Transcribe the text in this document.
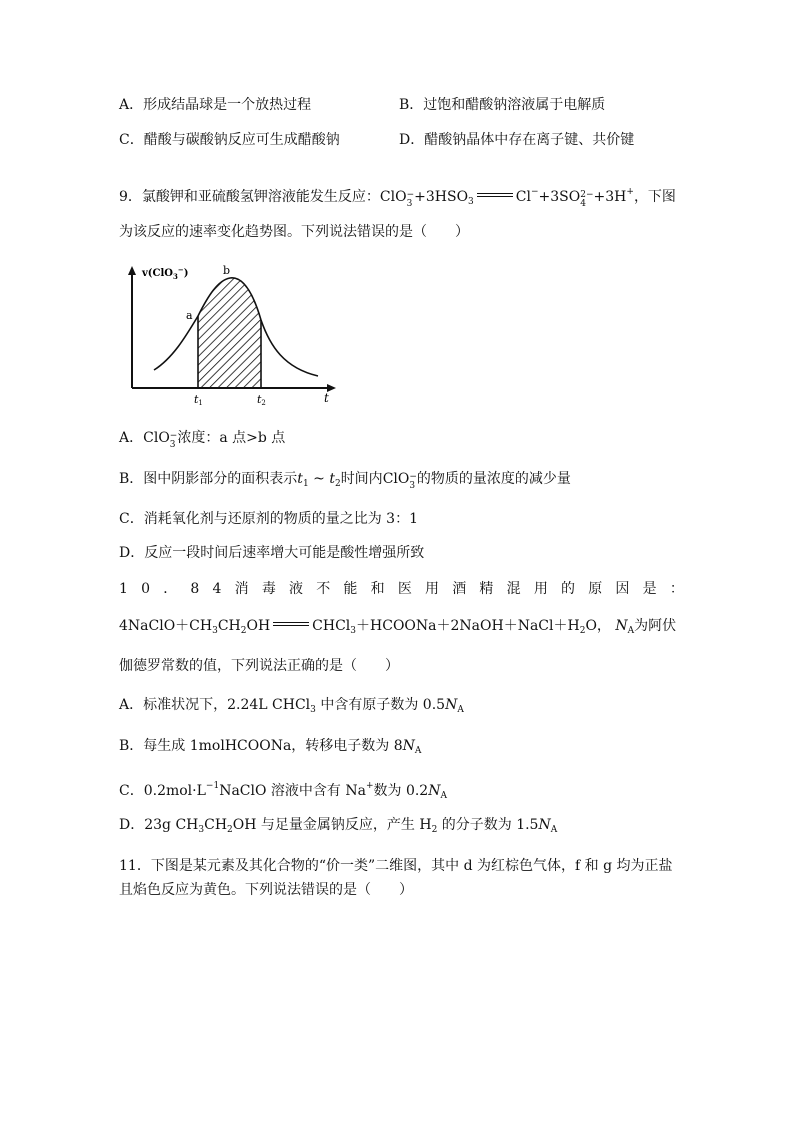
A．形成结晶球是一个放热过程	B．过饱和醋酸钠溶液属于电解质
C．醋酸与碳酸钠反应可生成醋酸钠	D．醋酸钠晶体中存在离子键、共价键
9．氯酸钾和亚硫酸氢钾溶液能发生反应：ClO −
$3 +3HSO_3$	Cl−+3SO 2−
4 +3H+，下图
为该反应的速率变化趋势图。下列说法错误的是（　　）
v(ClO$_3$−)
a
b
t
t1	t2
A．ClO −
3 浓度：a 点>b 点
B．图中阴影部分的面积表示$t_1$ ~ $t_2$时间内ClO −
3 的物质的量浓度的减少量
C．消耗氧化剂与还原剂的物质的量之比为 3：1
D．反应一段时间后速率增大可能是酸性增强所致
10．84消毒液不能和医用酒精混用的原因是：
$4NaClO+CH_3CH_2OH$	$CHCl_3+HCOONa+2NaOH+NaCl+H_2O$， $N_A$为阿伏
伽德罗常数的值，下列说法正确的是（　　）
A．标准状况下，2.24L CHCl$_3$ 中含有原子数为 $0.5N_A$
B．每生成 1molHCOONa，转移电子数为 $8N_A$
C．$0.2mol\cdot L^{-1}NaClO$ 溶液中含有 Na+数为 $0.2N_A$
D．23g $CH_3CH_2OH$ 与足量金属钠反应，产生 $H_2$ 的分子数为 $1.5N_A$
11．下图是某元素及其化合物的“价一类”二维图，其中 d 为红棕色气体，f 和 g 均为正盐
且焰色反应为黄色。下列说法错误的是（　　）
